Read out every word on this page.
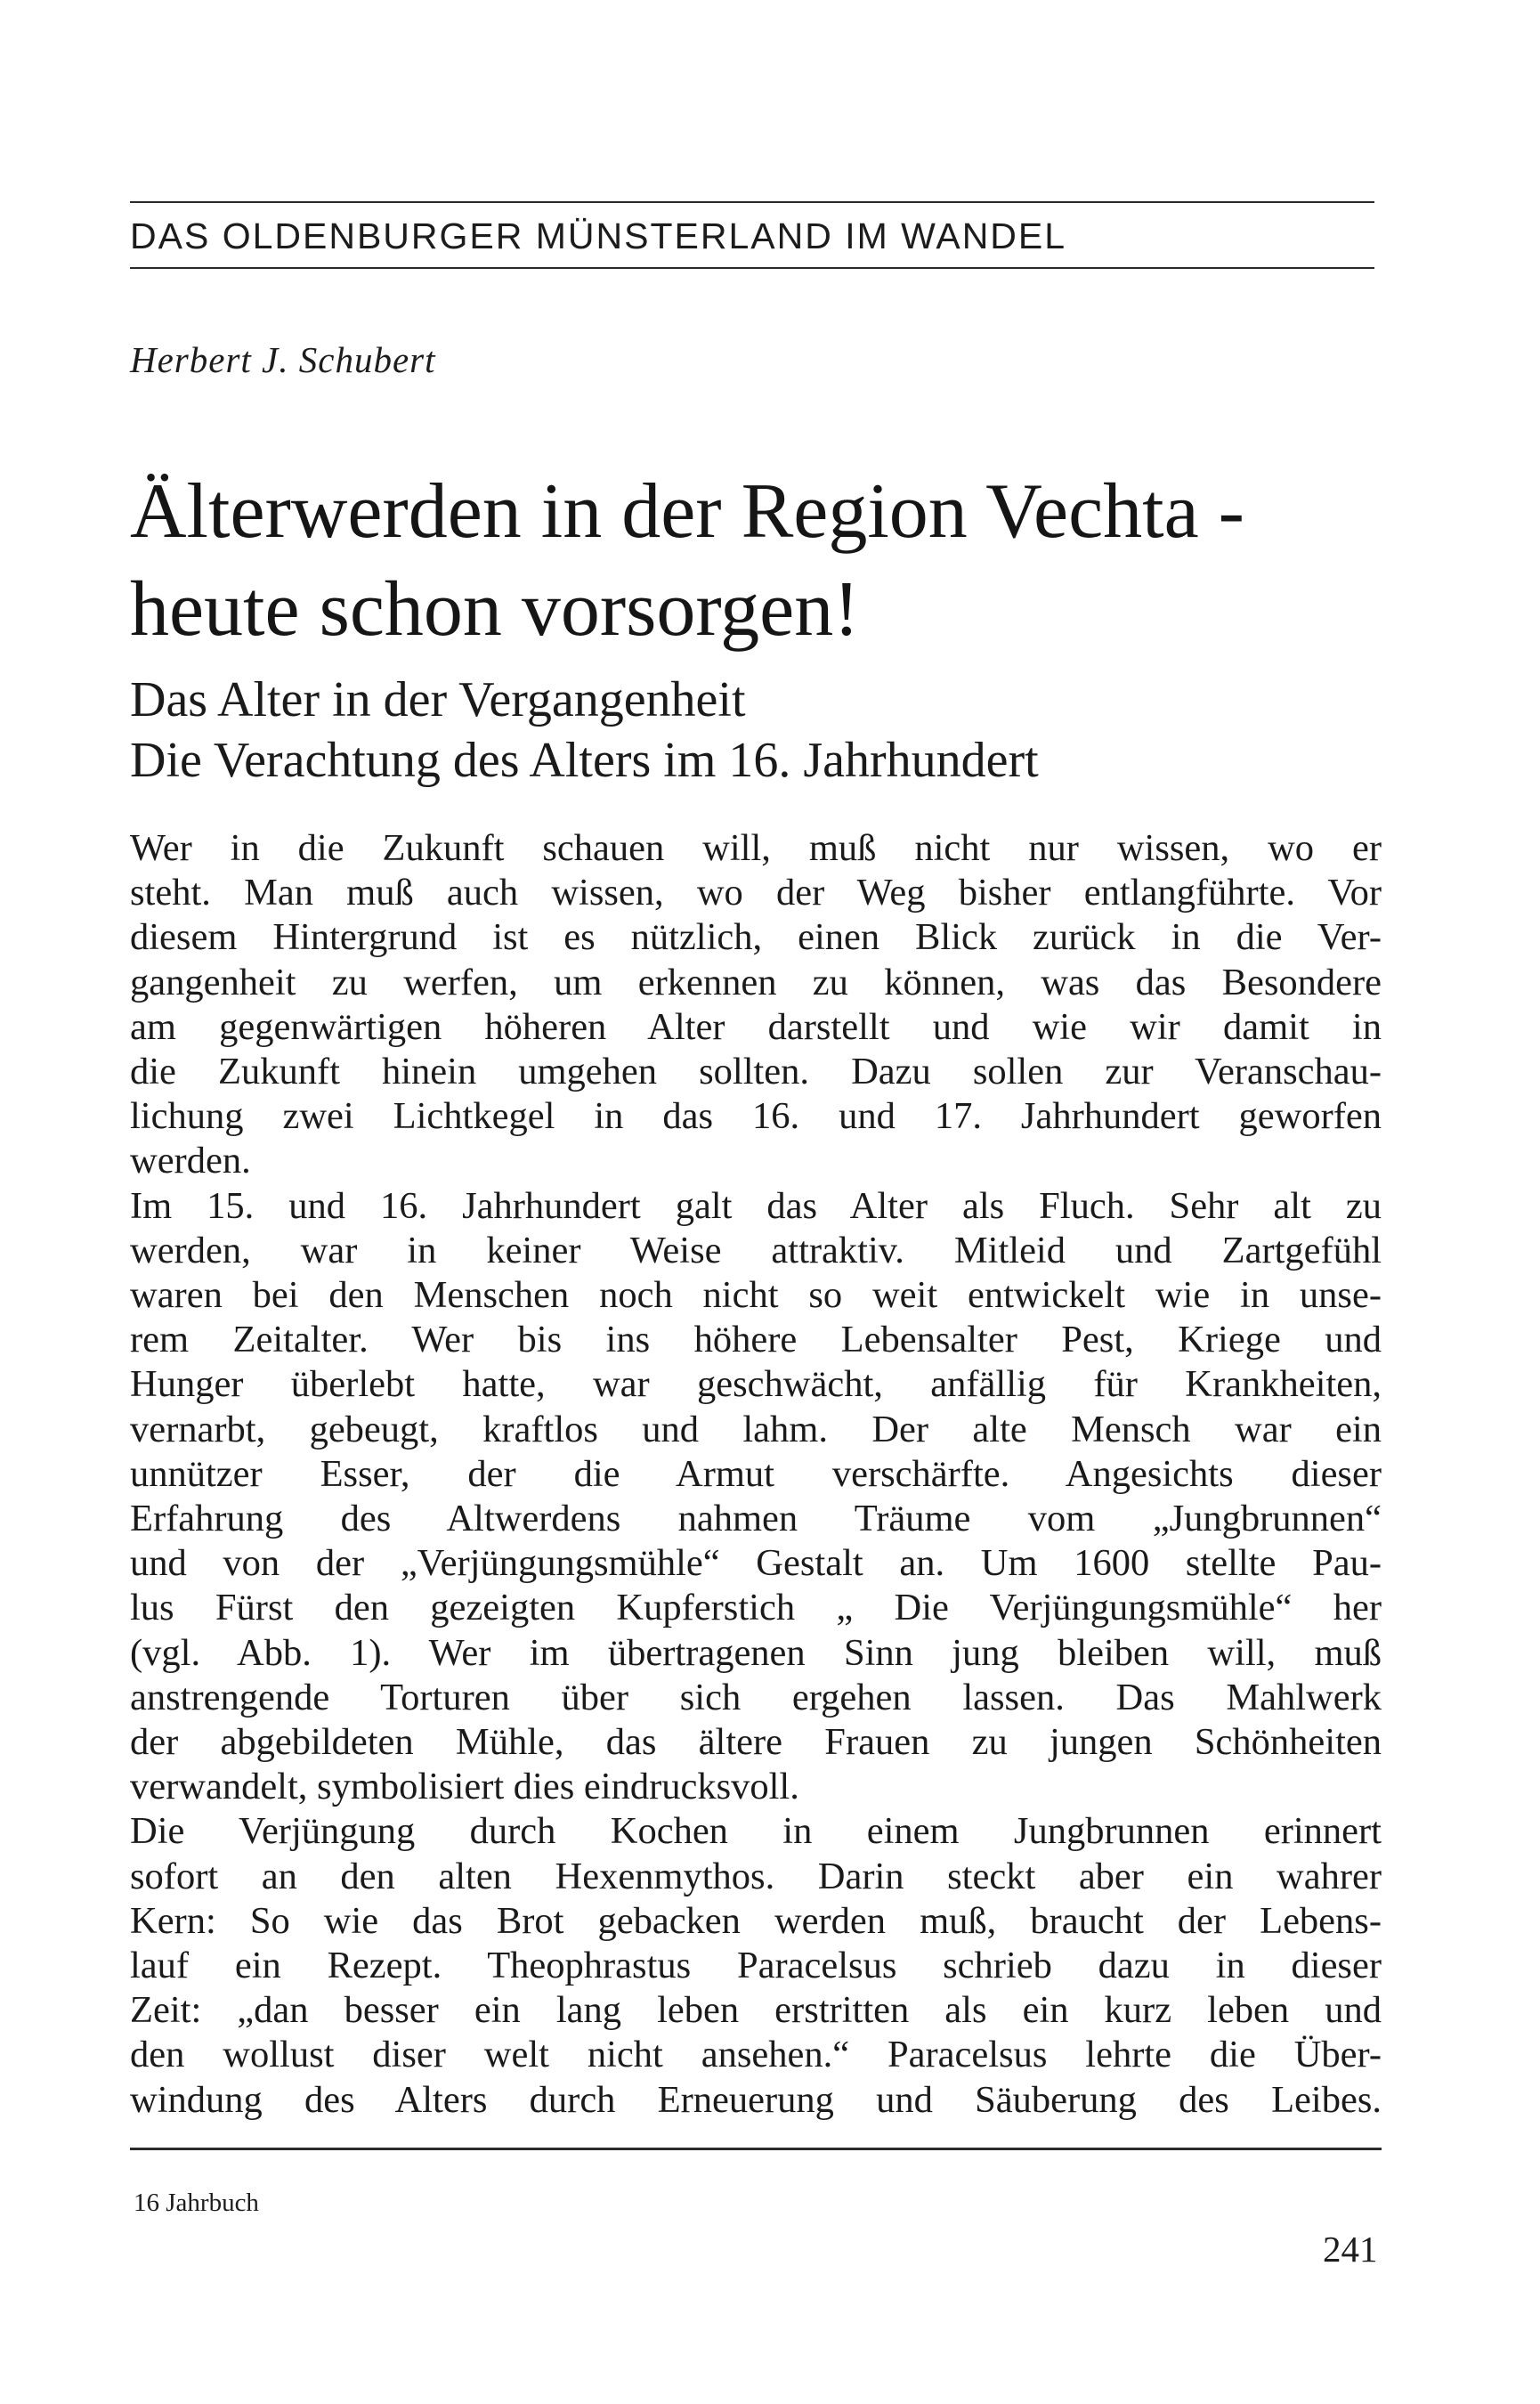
DAS OLDENBURGER MÜNSTERLAND IM WANDEL
Herbert J. Schubert
Älterwerden in der Region Vechta -
heute schon vorsorgen!
Das Alter in der Vergangenheit
Die Verachtung des Alters im 16. Jahrhundert
Wer in die Zukunft schauen will, muß nicht nur wissen, wo er
steht. Man muß auch wissen, wo der Weg bisher entlangführte. Vor
diesem Hintergrund ist es nützlich, einen Blick zurück in die Ver-
gangenheit zu werfen, um erkennen zu können, was das Besondere
am gegenwärtigen höheren Alter darstellt und wie wir damit in
die Zukunft hinein umgehen sollten. Dazu sollen zur Veranschau-
lichung zwei Lichtkegel in das 16. und 17. Jahrhundert geworfen
werden.
Im 15. und 16. Jahrhundert galt das Alter als Fluch. Sehr alt zu
werden, war in keiner Weise attraktiv. Mitleid und Zartgefühl
waren bei den Menschen noch nicht so weit entwickelt wie in unse-
rem Zeitalter. Wer bis ins höhere Lebensalter Pest, Kriege und
Hunger überlebt hatte, war geschwächt, anfällig für Krankheiten,
vernarbt, gebeugt, kraftlos und lahm. Der alte Mensch war ein
unnützer Esser, der die Armut verschärfte. Angesichts dieser
Erfahrung des Altwerdens nahmen Träume vom „Jungbrunnen“
und von der „Verjüngungsmühle“ Gestalt an. Um 1600 stellte Pau-
lus Fürst den gezeigten Kupferstich „ Die Verjüngungsmühle“ her
(vgl. Abb. 1). Wer im übertragenen Sinn jung bleiben will, muß
anstrengende Torturen über sich ergehen lassen. Das Mahlwerk
der abgebildeten Mühle, das ältere Frauen zu jungen Schönheiten
verwandelt, symbolisiert dies eindrucksvoll.
Die Verjüngung durch Kochen in einem Jungbrunnen erinnert
sofort an den alten Hexenmythos. Darin steckt aber ein wahrer
Kern: So wie das Brot gebacken werden muß, braucht der Lebens-
lauf ein Rezept. Theophrastus Paracelsus schrieb dazu in dieser
Zeit: „dan besser ein lang leben erstritten als ein kurz leben und
den wollust diser welt nicht ansehen.“ Paracelsus lehrte die Über-
windung des Alters durch Erneuerung und Säuberung des Leibes.
16 Jahrbuch
241
